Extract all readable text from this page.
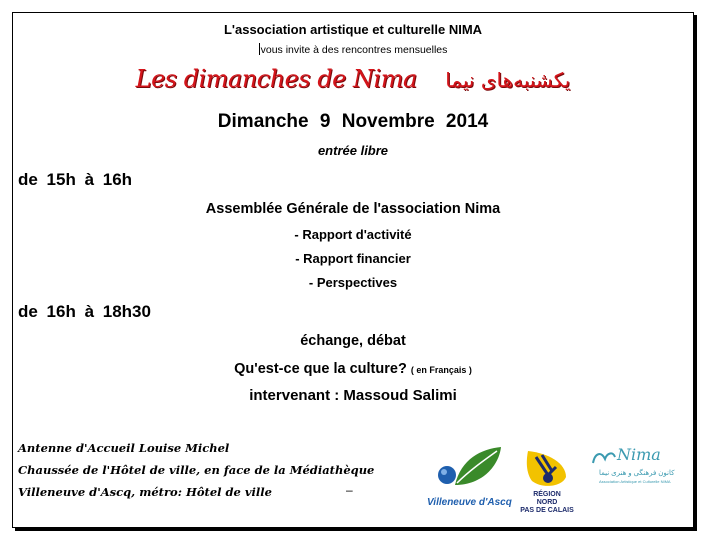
L'association artistique et culturelle NIMA
vous invite à des rencontres mensuelles
Les dimanches de Nima یکشنبه‌های نیما
Dimanche 9 Novembre 2014
entrée libre
de 15h à 16h
Assemblée Générale de l'association Nima
- Rapport d'activité
- Rapport financier
- Perspectives
de 16h à 18h30
échange, débat
Qu'est-ce que la culture? ( en Français )
intervenant : Massoud Salimi
Antenne d'Accueil Louise Michel
Chaussée de l'Hôtel de ville, en face de la Médiathèque
Villeneuve d'Ascq, métro: Hôtel de ville	–
Villeneuve d'Ascq
RÉGION
NORD
PAS DE CALAIS
Nima
کانون فرهنگی و هنری نیما
Association Artistique et Culturelle NIMA
